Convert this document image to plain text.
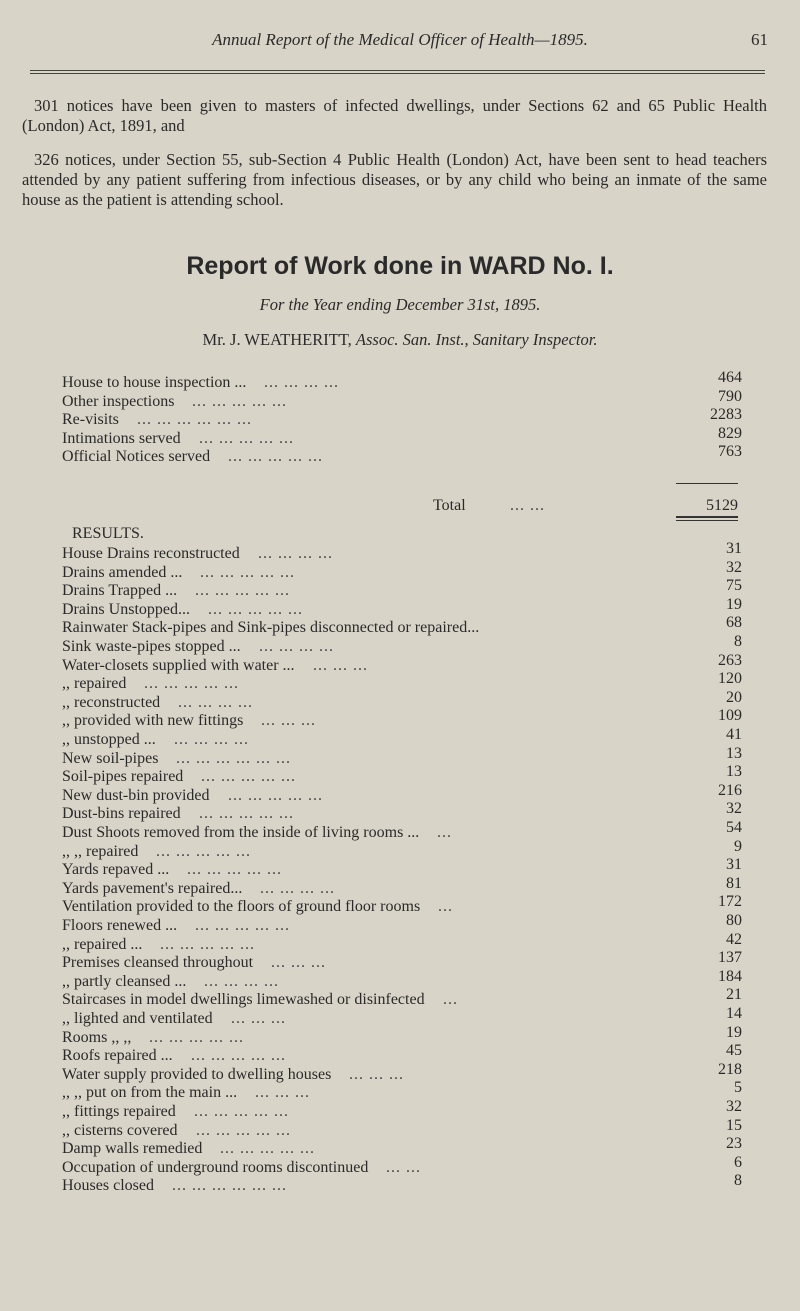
Annual Report of the Medical Officer of Health—1895.	61
301 notices have been given to masters of infected dwellings, under Sections 62 and 65 Public Health (London) Act, 1891, and
326 notices, under Section 55, sub-Section 4 Public Health (London) Act, have been sent to head teachers attended by any patient suffering from infectious diseases, or by any child who being an inmate of the same house as the patient is attending school.
Report of Work done in WARD No. I.
For the Year ending December 31st, 1895.
Mr. J. WEATHERITT, Assoc. San. Inst., Sanitary Inspector.
House to house inspection ... ... ... ... ...	464
Other inspections ... ... ... ... ...	790
Re-visits ... ... ... ... ... ...	2283
Intimations served ... ... ... ... ...	829
Official Notices served ... ... ... ... ...	763
Total	... ...	5129
RESULTS.
House Drains reconstructed ... ... ... ...	31
Drains amended ... ... ... ... ... ...	32
Drains Trapped ... ... ... ... ... ...	75
Drains Unstopped... ... ... ... ... ...	19
Rainwater Stack-pipes and Sink-pipes disconnected or repaired...	68
Sink waste-pipes stopped ... ... ... ... ...	8
Water-closets supplied with water ... ... ... ...	263
,, repaired ... ... ... ... ...	120
,, reconstructed ... ... ... ...	20
,, provided with new fittings ... ... ...	109
,, unstopped ... ... ... ... ...	41
New soil-pipes ... ... ... ... ... ...	13
Soil-pipes repaired ... ... ... ... ...	13
New dust-bin provided ... ... ... ... ...	216
Dust-bins repaired ... ... ... ... ...	32
Dust Shoots removed from the inside of living rooms ... ...	54
,, ,, repaired ... ... ... ... ...	9
Yards repaved ... ... ... ... ... ...	31
Yards pavement's repaired... ... ... ... ...	81
Ventilation provided to the floors of ground floor rooms ...	172
Floors renewed ... ... ... ... ... ...	80
,, repaired ... ... ... ... ... ...	42
Premises cleansed throughout ... ... ...	137
,, partly cleansed ... ... ... ... ...	184
Staircases in model dwellings limewashed or disinfected ...	21
,, lighted and ventilated ... ... ...	14
Rooms ,, ,, ... ... ... ... ...	19
Roofs repaired ... ... ... ... ... ...	45
Water supply provided to dwelling houses ... ... ...	218
,, ,, put on from the main ... ... ... ...	5
,, fittings repaired ... ... ... ... ...	32
,, cisterns covered ... ... ... ... ...	15
Damp walls remedied ... ... ... ... ...	23
Occupation of underground rooms discontinued ... ...	6
Houses closed ... ... ... ... ... ...	8
